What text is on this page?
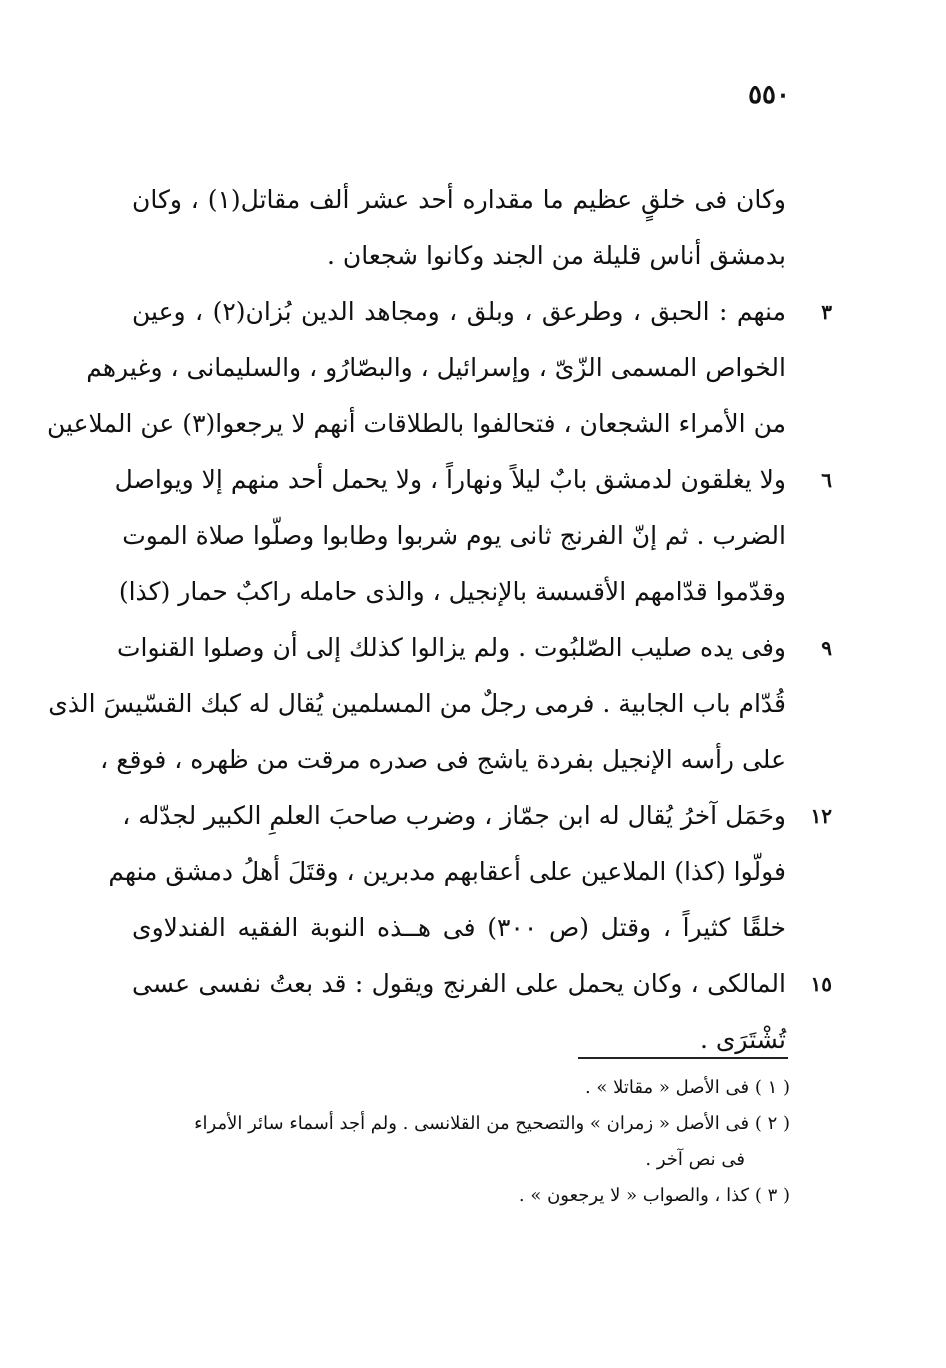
٥٥٠
وكان فى خلقٍ عظيم ما مقداره أحد عشر ألف مقاتل(١) ، وكان
بدمشق أناس قليلة من الجند وكانوا شجعان .
منهم : الحبق ، وطرعق ، وبلق ، ومجاهد الدين بُزان(٢) ، وعين	٣
الخواص المسمى الزّىّ ، وإسرائيل ، والبصّارُو ، والسليمانى ، وغيرهم
من الأمراء الشجعان ، فتحالفوا بالطلاقات أنهم لا يرجعوا(٣) عن الملاعين
ولا يغلقون لدمشق بابٌ ليلاً ونهاراً ، ولا يحمل أحد منهم إلا ويواصل	٦
الضرب . ثم إنّ الفرنج ثانى يوم شربوا وطابوا وصلّوا صلاة الموت
وقدّموا قدّامهم الأقسسة بالإنجيل ، والذى حامله راكبٌ حمار (كذا)
وفى يده صليب الصّلبُوت . ولم يزالوا كذلك إلى أن وصلوا القنوات	٩
قُدّام باب الجابية . فرمى رجلٌ من المسلمين يُقال له كبك القسّيسَ الذى
على رأسه الإنجيل بفردة ياشج فى صدره مرقت من ظهره ، فوقع ،
وحَمَل آخرُ يُقال له ابن جمّاز ، وضرب صاحبَ العلمِ الكبير لجدّله ،	١٢
فولّوا (كذا) الملاعين على أعقابهم مدبرين ، وقتَلَ أهلُ دمشق منهم
خلقًا كثيراً ، وقتل (ص ٣٠٠) فى هــذه النوبة الفقيه الفندلاوى
المالكى ، وكان يحمل على الفرنج ويقول : قد بعتُ نفسى عسى	١٥
تُشْتَرَى .
( ١ ) فى الأصل « مقاتلا » .
( ٢ ) فى الأصل « زمران » والتصحيح من القلانسى . ولم أجد أسماء سائر الأمراء
فى نص آخر .
( ٣ ) كذا ، والصواب « لا يرجعون » .
